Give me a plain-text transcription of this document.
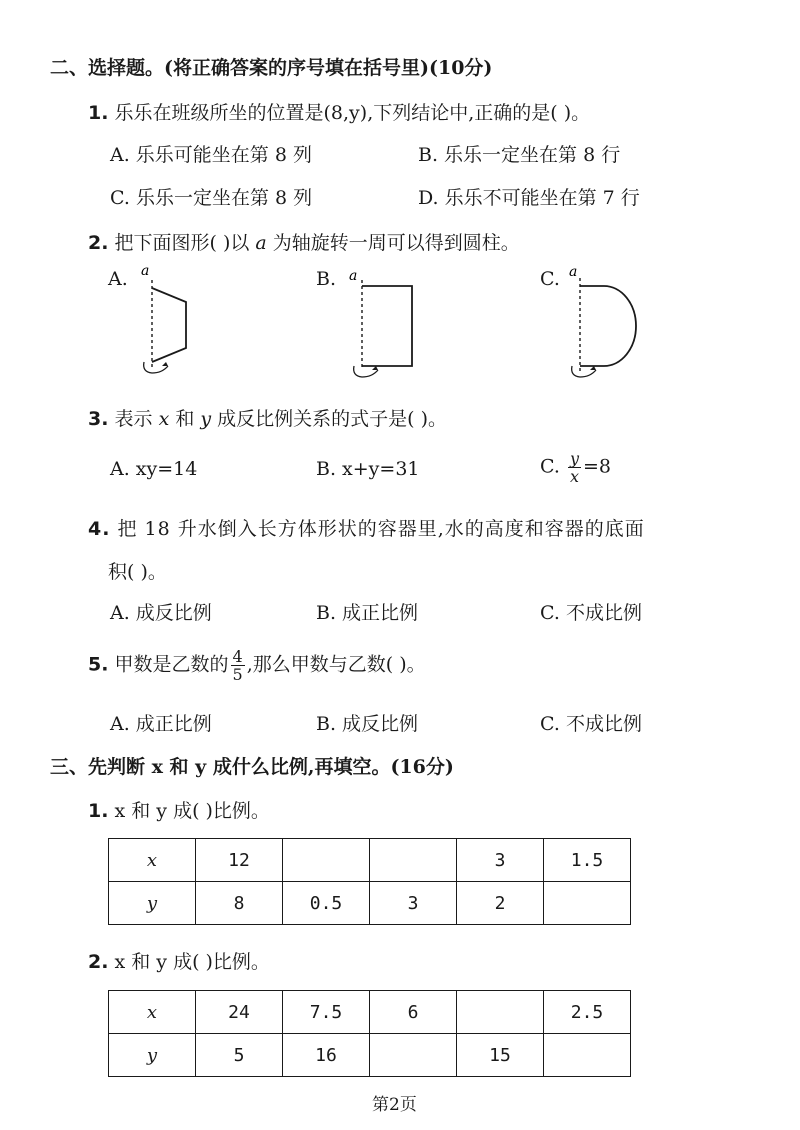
二、选择题。(将正确答案的序号填在括号里)(10分)
1. 乐乐在班级所坐的位置是(8,y),下列结论中,正确的是( )。
A. 乐乐可能坐在第 8 列	B. 乐乐一定坐在第 8 行
C. 乐乐一定坐在第 8 列	D. 乐乐不可能坐在第 7 行
2. 把下面图形( )以 a 为轴旋转一周可以得到圆柱。
A.	B.	C.
a	a	a
3. 表示 x 和 y 成反比例关系的式子是( )。
A. xy=14	B. x+y=31	C. $\frac{y}{x} =8$
4. 把 18 升水倒入长方体形状的容器里,水的高度和容器的底面
积( )。
A. 成反比例	B. 成正比例	C. 不成比例
5. 甲数是乙数的 $\frac{4}{5}$ ,那么甲数与乙数( )。
A. 成正比例	B. 成反比例	C. 不成比例
三、先判断 x 和 y 成什么比例,再填空。(16分)
1. x 和 y 成( )比例。
x	12			3	1.5
y	8	0.5	3	2	
2. x 和 y 成( )比例。
x	24	7.5	6		2.5
y	5	16		15	
第2页
